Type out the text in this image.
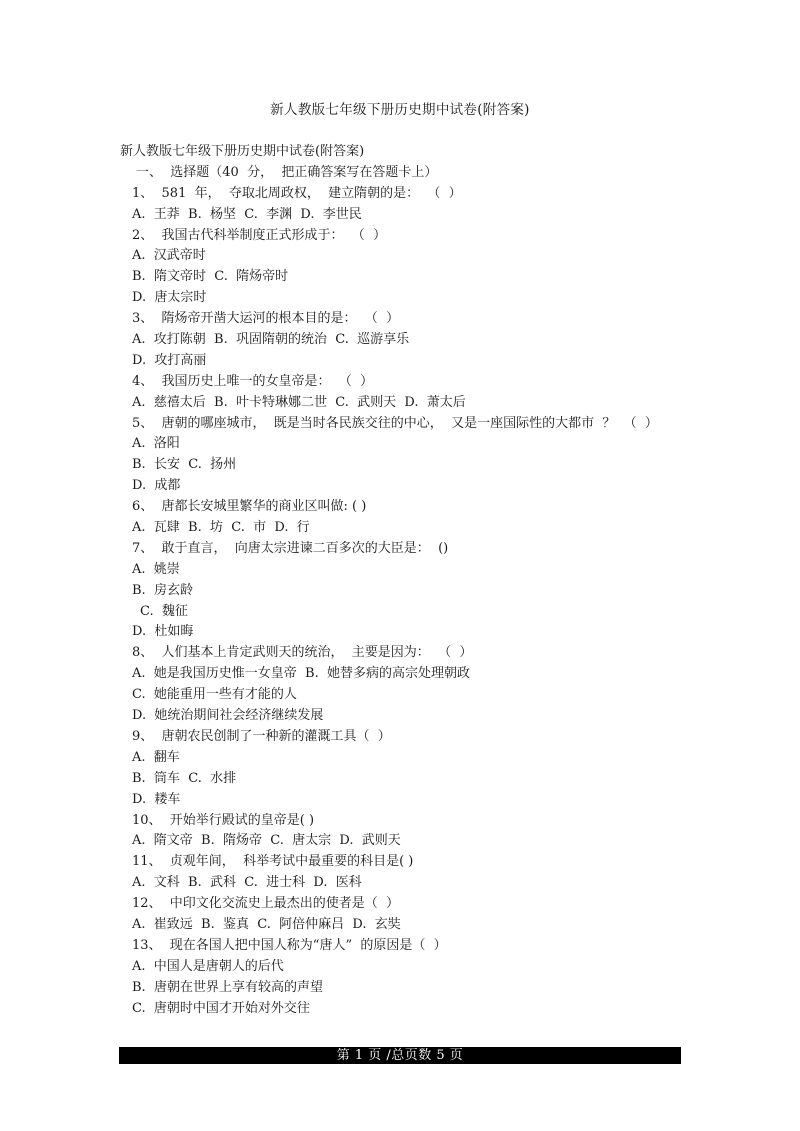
新人教版七年级下册历史期中试卷(附答案)
新人教版七年级下册历史期中试卷(附答案)
一、  选择题（40  分，  把正确答案写在答题卡上）
1、  581  年，  夺取北周政权，  建立隋朝的是：  （  ）
A.  王莽  B.  杨坚  C.  李渊  D.  李世民
2、  我国古代科举制度正式形成于：  （  ）
A.  汉武帝时
B.  隋文帝时  C.  隋炀帝时
D.  唐太宗时
3、  隋炀帝开凿大运河的根本目的是：  （  ）
A.  攻打陈朝  B.  巩固隋朝的统治  C.  巡游享乐
D.  攻打高丽
4、  我国历史上唯一的女皇帝是：  （  ）
A.  慈禧太后  B.  叶卡特琳娜二世  C.  武则天  D.  萧太后
5、  唐朝的哪座城市，  既是当时各民族交往的中心，  又是一座国际性的大都市  ？  （  ）
A.  洛阳
B.  长安  C.  扬州
D.  成都
6、  唐都长安城里繁华的商业区叫做: ( )
A.  瓦肆  B.  坊  C.  市  D.  行
7、  敢于直言，  向唐太宗进谏二百多次的大臣是：  ()
A.  姚崇
B.  房玄龄
C.  魏征
D.  杜如晦
8、  人们基本上肯定武则天的统治，  主要是因为：  （  ）
A.  她是我国历史惟一女皇帝  B.  她替多病的高宗处理朝政
C.  她能重用一些有才能的人
D.  她统治期间社会经济继续发展
9、  唐朝农民创制了一种新的灌溉工具（  ）
A.  翻车
B.  筒车  C.  水排
D.  耧车
10、  开始举行殿试的皇帝是( )
A.  隋文帝  B.  隋炀帝  C.  唐太宗  D.  武则天
11、  贞观年间，  科举考试中最重要的科目是( )
A.  文科  B.  武科  C.  进士科  D.  医科
12、  中印文化交流史上最杰出的使者是（  ）
A.  崔致远  B.  鉴真  C.  阿倍仲麻吕  D.  玄奘
13、  现在各国人把中国人称为“唐人”  的原因是（  ）
A.  中国人是唐朝人的后代
B.  唐朝在世界上享有较高的声望
C.  唐朝时中国才开始对外交往
第 1 页 /总页数 5 页
